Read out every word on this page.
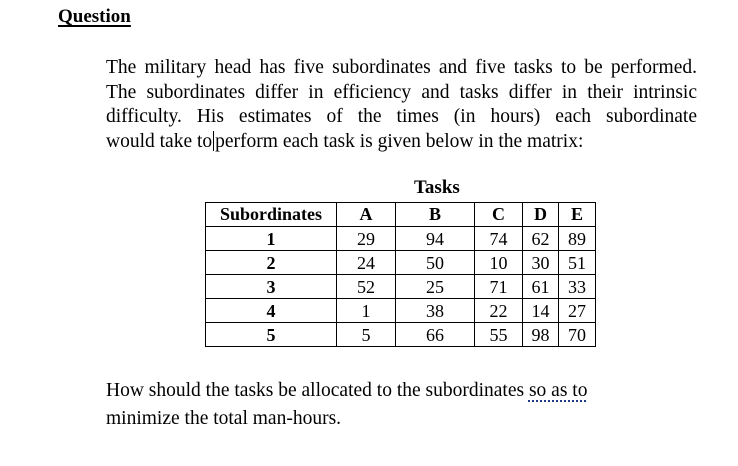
Question
The military head has five subordinates and five tasks to be performed.
The subordinates differ in efficiency and tasks differ in their intrinsic
difficulty. His estimates of the times (in hours) each subordinate
would take to perform each task is given below in the matrix:
Tasks
Subordinates	A	B	C	D	E
1	29	94	74	62	89
2	24	50	10	30	51
3	52	25	71	61	33
4	1	38	22	14	27
5	5	66	55	98	70
How should the tasks be allocated to the subordinates so as to
minimize the total man-hours.
